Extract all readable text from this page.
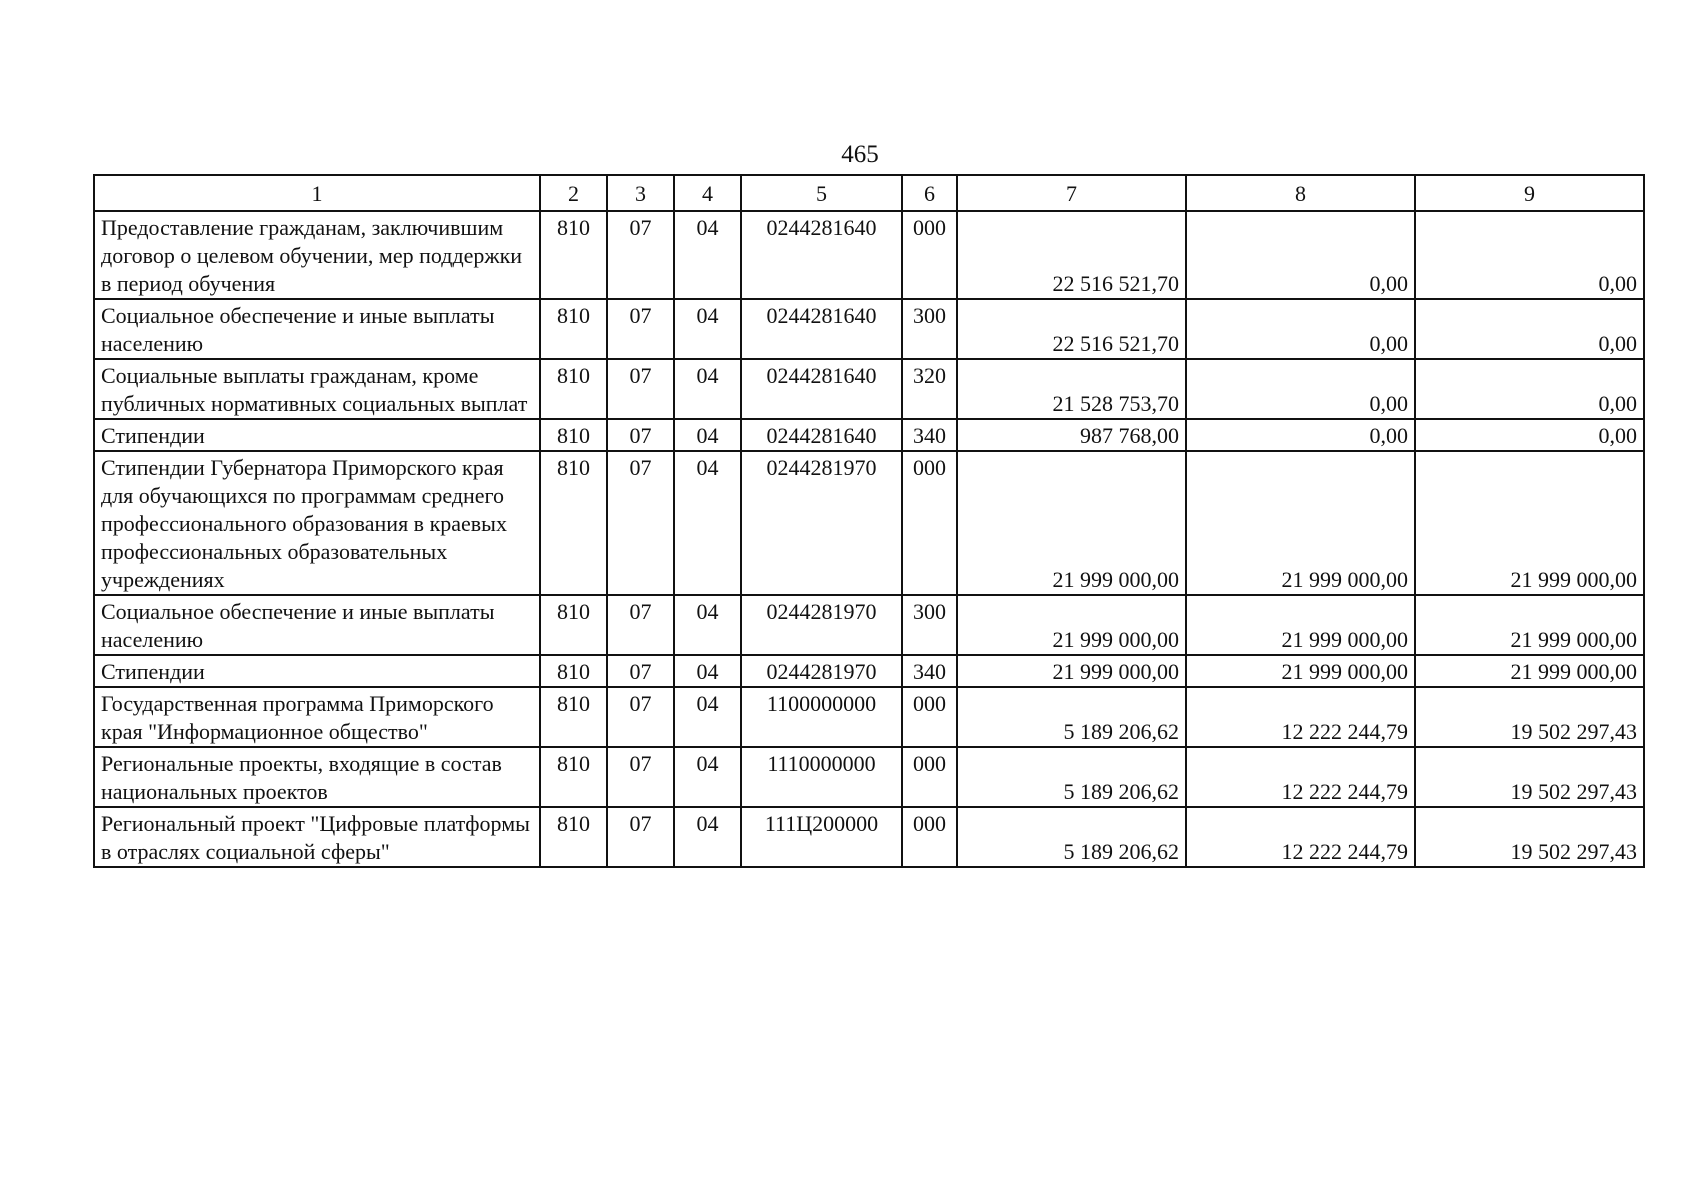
465
1	2	3	4	5	6	7	8	9
Предоставление гражданам, заключившим договор о целевом обучении, мер поддержки в период обучения	810	07	04	0244281640	000	22 516 521,70	0,00	0,00
Социальное обеспечение и иные выплаты населению	810	07	04	0244281640	300	22 516 521,70	0,00	0,00
Социальные выплаты гражданам, кроме публичных нормативных социальных выплат	810	07	04	0244281640	320	21 528 753,70	0,00	0,00
Стипендии	810	07	04	0244281640	340	987 768,00	0,00	0,00
Стипендии Губернатора Приморского края для обучающихся по программам среднего профессионального образования в краевых профессиональных образовательных учреждениях	810	07	04	0244281970	000	21 999 000,00	21 999 000,00	21 999 000,00
Социальное обеспечение и иные выплаты населению	810	07	04	0244281970	300	21 999 000,00	21 999 000,00	21 999 000,00
Стипендии	810	07	04	0244281970	340	21 999 000,00	21 999 000,00	21 999 000,00
Государственная программа Приморского края "Информационное общество"	810	07	04	1100000000	000	5 189 206,62	12 222 244,79	19 502 297,43
Региональные проекты, входящие в состав национальных проектов	810	07	04	1110000000	000	5 189 206,62	12 222 244,79	19 502 297,43
Региональный проект "Цифровые платформы в отраслях социальной сферы"	810	07	04	111Ц200000	000	5 189 206,62	12 222 244,79	19 502 297,43
